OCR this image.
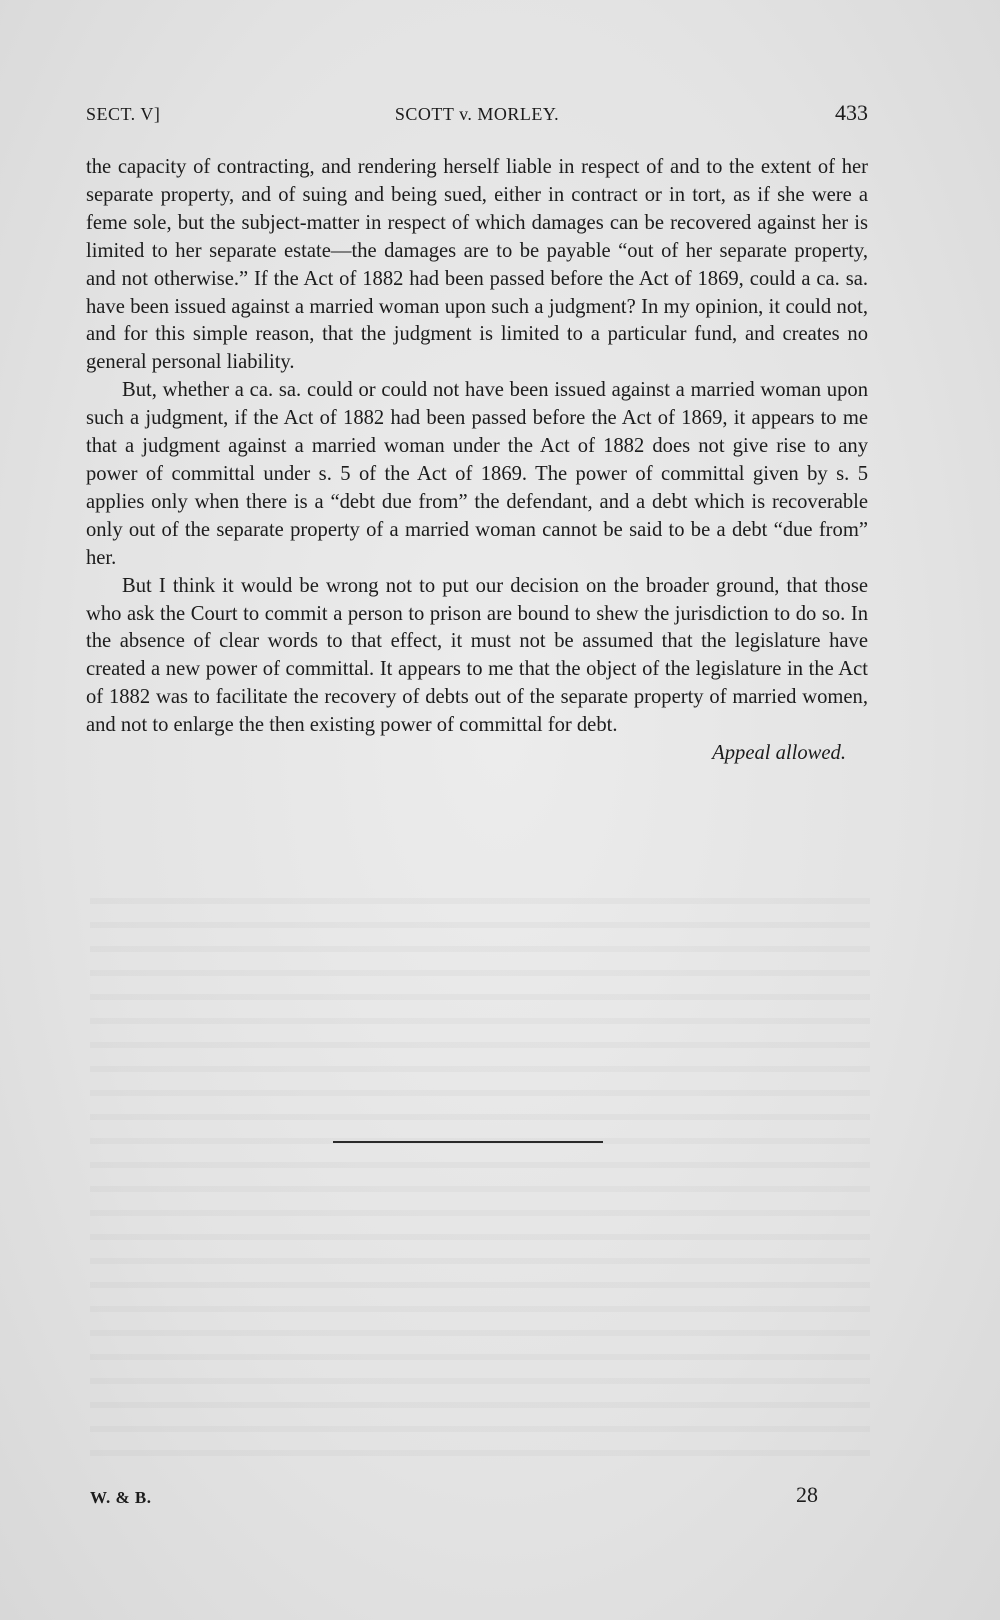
SECT. V]	SCOTT v. MORLEY.	433

the capacity of contracting, and rendering herself liable in respect of and to the extent of her separate property, and of suing and being sued, either in contract or in tort, as if she were a feme sole, but the subject-matter in respect of which damages can be recovered against her is limited to her separate estate—the damages are to be payable “out of her separate property, and not otherwise.” If the Act of 1882 had been passed before the Act of 1869, could a ca. sa. have been issued against a married woman upon such a judgment? In my opinion, it could not, and for this simple reason, that the judgment is limited to a particular fund, and creates no general personal liability.

But, whether a ca. sa. could or could not have been issued against a married woman upon such a judgment, if the Act of 1882 had been passed before the Act of 1869, it appears to me that a judgment against a married woman under the Act of 1882 does not give rise to any power of committal under s. 5 of the Act of 1869. The power of committal given by s. 5 applies only when there is a “debt due from” the defendant, and a debt which is recoverable only out of the separate property of a married woman cannot be said to be a debt “due from” her.

But I think it would be wrong not to put our decision on the broader ground, that those who ask the Court to commit a person to prison are bound to shew the jurisdiction to do so. In the absence of clear words to that effect, it must not be assumed that the legislature have created a new power of committal. It appears to me that the object of the legislature in the Act of 1882 was to facilitate the recovery of debts out of the separate property of married women, and not to enlarge the then existing power of committal for debt.

Appeal allowed.

W. & B.	28
